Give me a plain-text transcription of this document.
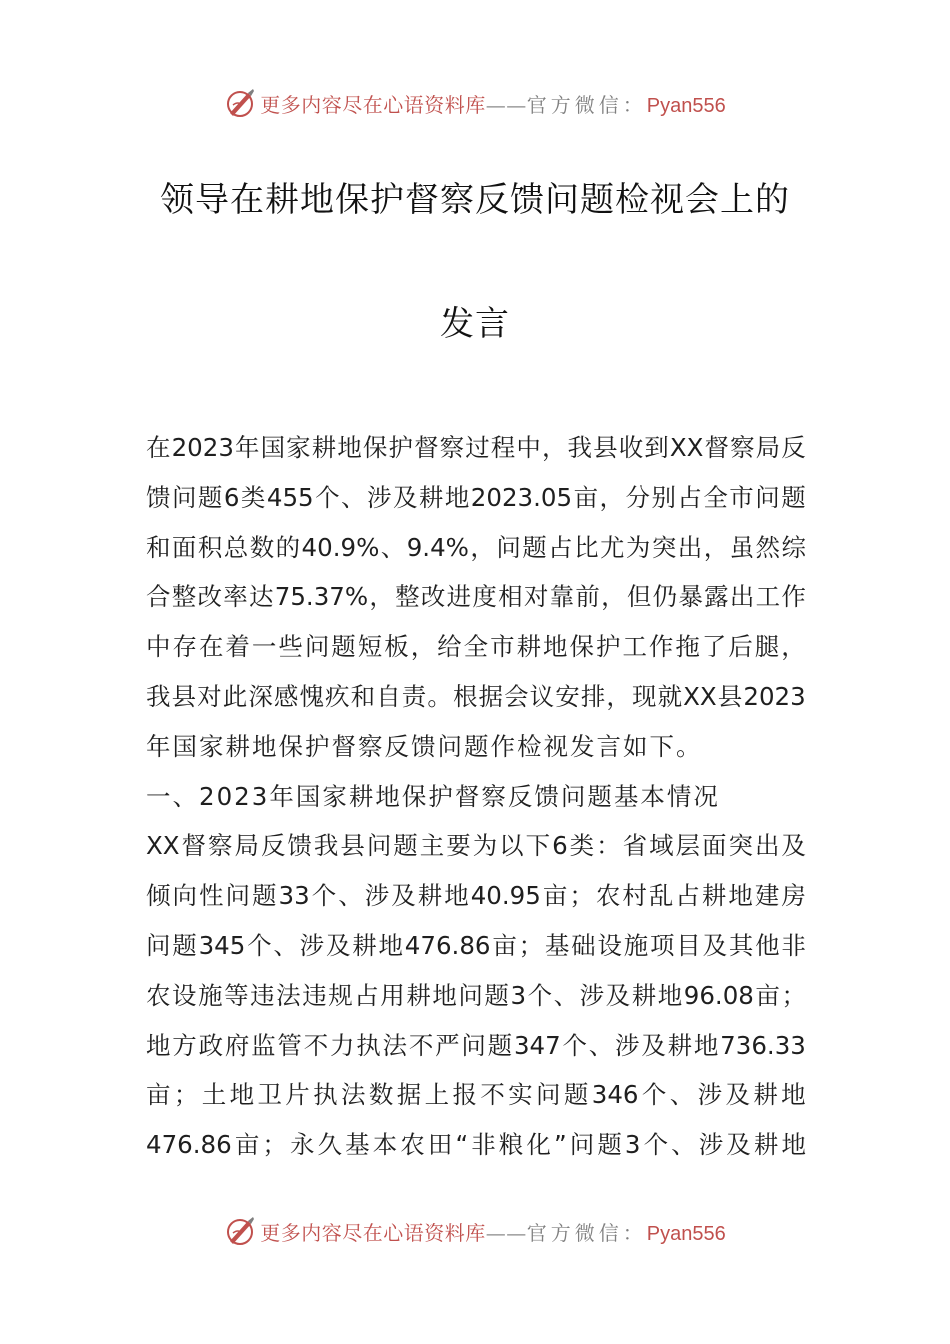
更多内容尽在心语资料库——官方微信：Pyan556
领导在耕地保护督察反馈问题检视会上的
发言
在 2023 年 国 家 耕 地 保 护 督 察 过 程 中 ， 我 县 收 到 XX 督 察 局 反
馈 问 题 6 类 455 个 、 涉 及 耕 地 2023.05 亩 ， 分 别 占 全 市 问 题
和 面 积 总 数 的 40.9% 、 9.4% ， 问 题 占 比 尤 为 突 出 ， 虽 然 综
合 整 改 率 达 75.37% ， 整 改 进 度 相 对 靠 前 ， 但 仍 暴 露 出 工 作
中 存 在 着 一 些 问 题 短 板 ， 给 全 市 耕 地 保 护 工 作 拖 了 后 腿 ，
我 县 对 此 深 感 愧 疚 和 自 责 。 根 据 会 议 安 排 ， 现 就 XX 县 2023
年国家耕地保护督察反馈问题作检视发言如下。
一、2023年国家耕地保护督察反馈问题基本情况
XX 督 察 局 反 馈 我 县 问 题 主 要 为 以 下 6 类 ： 省 域 层 面 突 出 及
倾 向 性 问 题 33 个 、 涉 及 耕 地 40.95 亩 ； 农 村 乱 占 耕 地 建 房
问 题 345 个 、 涉 及 耕 地 476.86 亩 ； 基 础 设 施 项 目 及 其 他 非
农 设 施 等 违 法 违 规 占 用 耕 地 问 题 3 个 、 涉 及 耕 地 96.08 亩 ；
地 方 政 府 监 管 不 力 执 法 不 严 问 题 347 个 、 涉 及 耕 地 736.33
亩 ； 土 地 卫 片 执 法 数 据 上 报 不 实 问 题 346 个 、 涉 及 耕 地
476.86 亩 ； 永 久 基 本 农 田 “ 非 粮 化 ” 问 题 3 个 、 涉 及 耕 地
更多内容尽在心语资料库——官方微信：Pyan556
